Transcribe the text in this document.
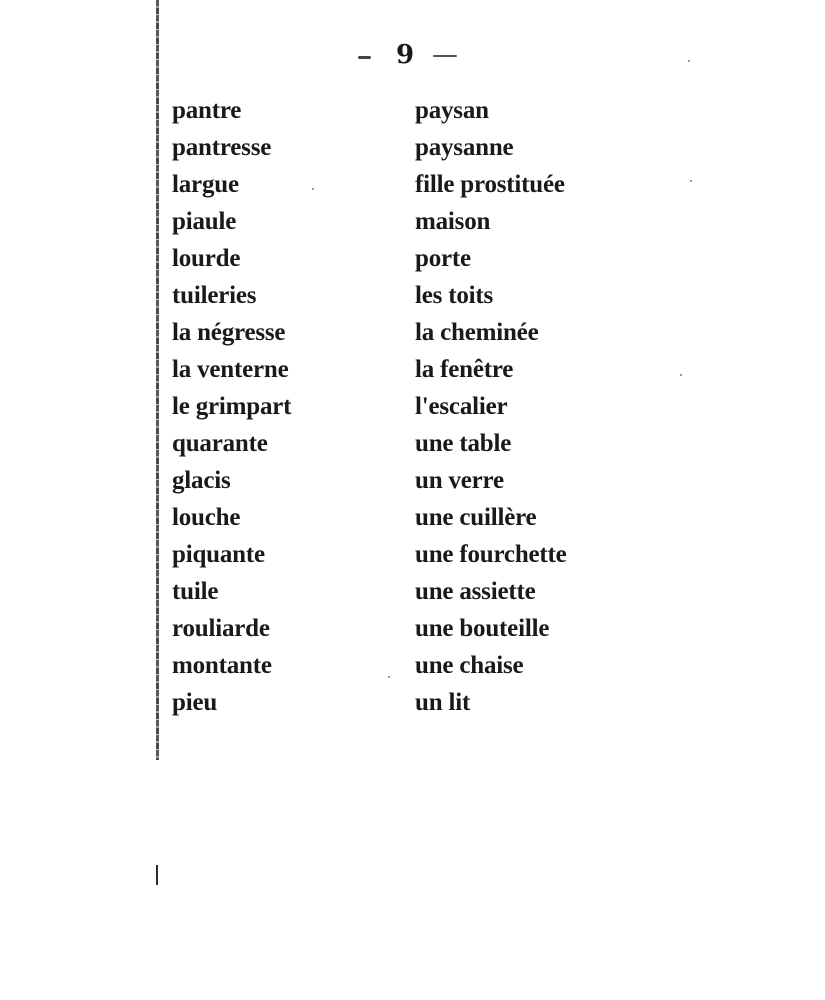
9
pantre	paysan
pantresse	paysanne
largue	fille prostituée
piaule	maison
lourde	porte
tuileries	les toits
la négresse	la cheminée
la venterne	la fenêtre
le grimpart	l'escalier
quarante	une table
glacis	un verre
louche	une cuillère
piquante	une fourchette
tuile	une assiette
rouliarde	une bouteille
montante	une chaise
pieu	un lit
